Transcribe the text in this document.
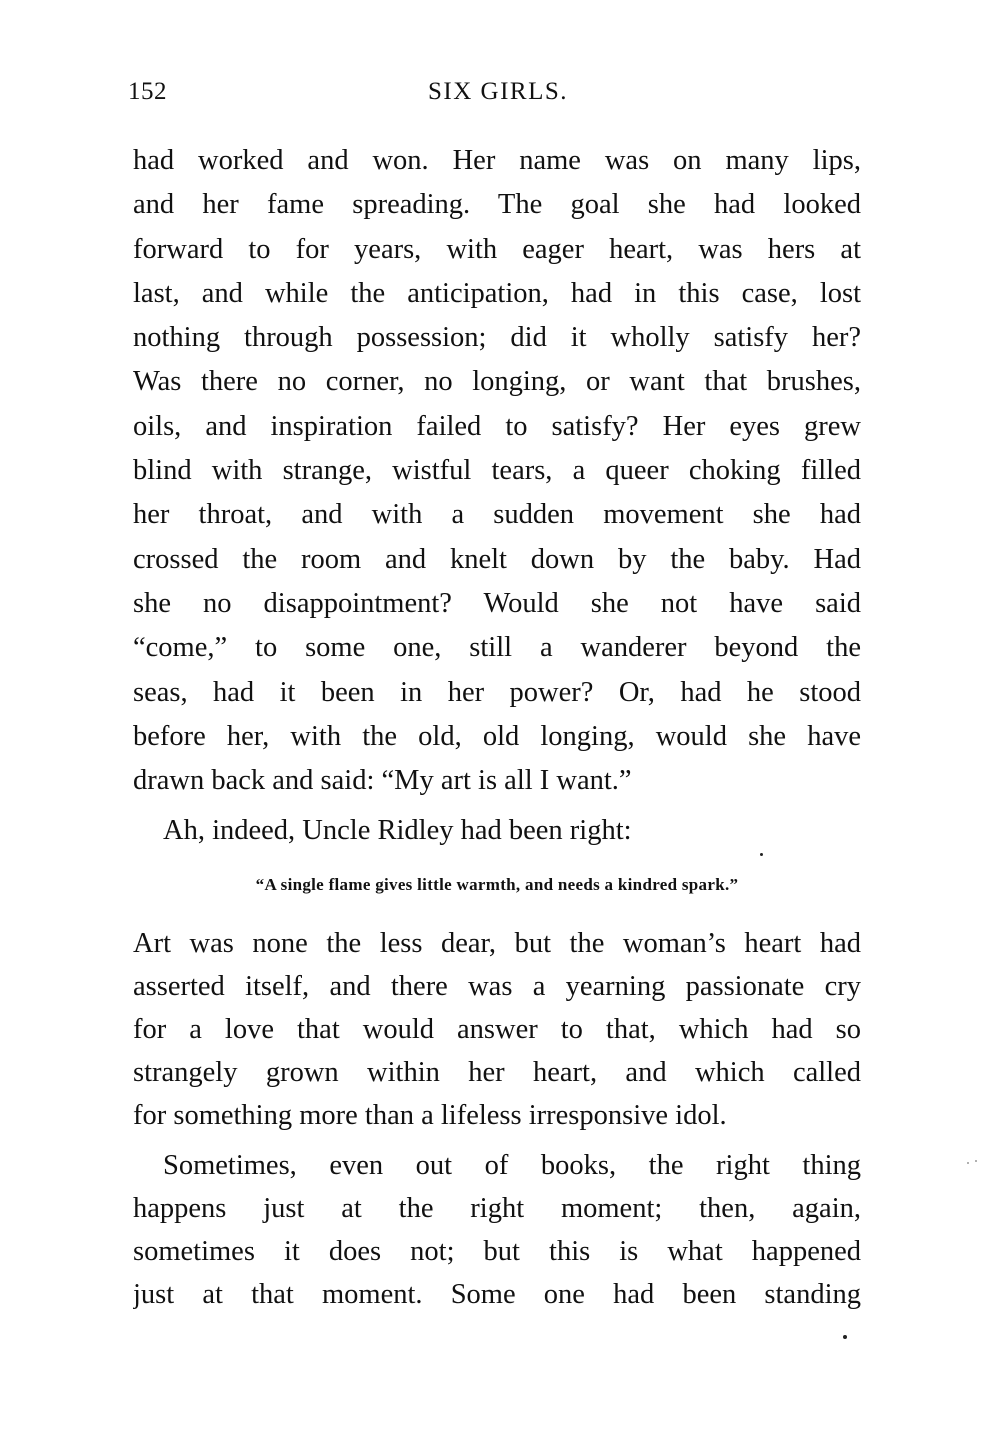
152	SIX GIRLS.
had worked and won. Her name was on many lips,
and her fame spreading. The goal she had looked
forward to for years, with eager heart, was hers at
last, and while the anticipation, had in this case, lost
nothing through possession; did it wholly satisfy her?
Was there no corner, no longing, or want that brushes,
oils, and inspiration failed to satisfy? Her eyes grew
blind with strange, wistful tears, a queer choking filled
her throat, and with a sudden movement she had
crossed the room and knelt down by the baby. Had
she no disappointment? Would she not have said
“come,” to some one, still a wanderer beyond the
seas, had it been in her power? Or, had he stood
before her, with the old, old longing, would she have
drawn back and said: “My art is all I want.”
Ah, indeed, Uncle Ridley had been right:
“A single flame gives little warmth, and needs a kindred spark.”
Art was none the less dear, but the woman’s heart had
asserted itself, and there was a yearning passionate cry
for a love that would answer to that, which had so
strangely grown within her heart, and which called
for something more than a lifeless irresponsive idol.
Sometimes, even out of books, the right thing
happens just at the right moment; then, again,
sometimes it does not; but this is what happened
just at that moment. Some one had been standing
